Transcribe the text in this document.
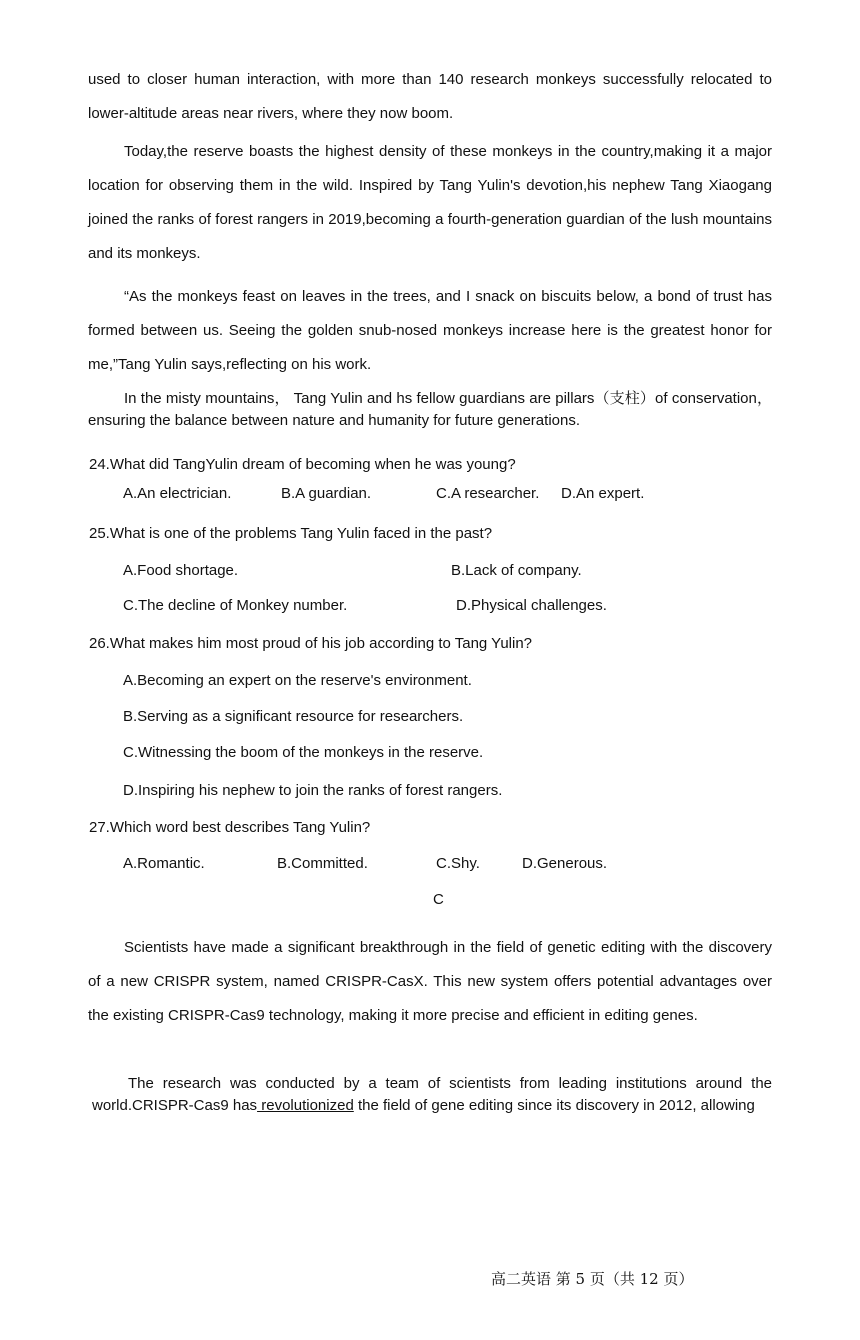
used to closer human interaction, with more than 140 research monkeys successfully relocated to lower-altitude areas near rivers, where they now boom.

Today,the reserve boasts the highest density of these monkeys in the country,making it a major location for observing them in the wild. Inspired by Tang Yulin's devotion,his nephew Tang Xiaogang joined the ranks of forest rangers in 2019,becoming a fourth-generation guardian of the lush mountains and its monkeys.

“As the monkeys feast on leaves in the trees, and I snack on biscuits below, a bond of trust has formed between us. Seeing the golden snub-nosed monkeys increase here is the greatest honor for me,”Tang Yulin says,reflecting on his work.

In the misty mountains， Tang Yulin and hs fellow guardians are pillars（支柱）of conservation，ensuring the balance between nature and humanity for future generations.

24.What did TangYulin dream of becoming when he was young?

A.An electrician.	B.A guardian.	C.A researcher. D.An expert.

25.What is one of the problems Tang Yulin faced in the past?

A.Food shortage.	B.Lack of company.

C.The decline of Monkey number.	D.Physical challenges.

26.What makes him most proud of his job according to Tang Yulin?

A.Becoming an expert on the reserve's environment.

B.Serving as a significant resource for researchers.

C.Witnessing the boom of the monkeys in the reserve.

D.Inspiring his nephew to join the ranks of forest rangers.

27.Which word best describes Tang Yulin?

A.Romantic.	B.Committed.	C.Shy.	D.Generous.

C

Scientists have made a significant breakthrough in the field of genetic editing with the discovery of a new CRISPR system, named CRISPR-CasX. This new system offers potential advantages over the existing CRISPR-Cas9 technology, making it more precise and efficient in editing genes.

The research was conducted by a team of scientists from leading institutions around the world.CRISPR-Cas9 has revolutionized the field of gene editing since its discovery in 2012, allowing

高二英语 第 5 页（共 12 页）
